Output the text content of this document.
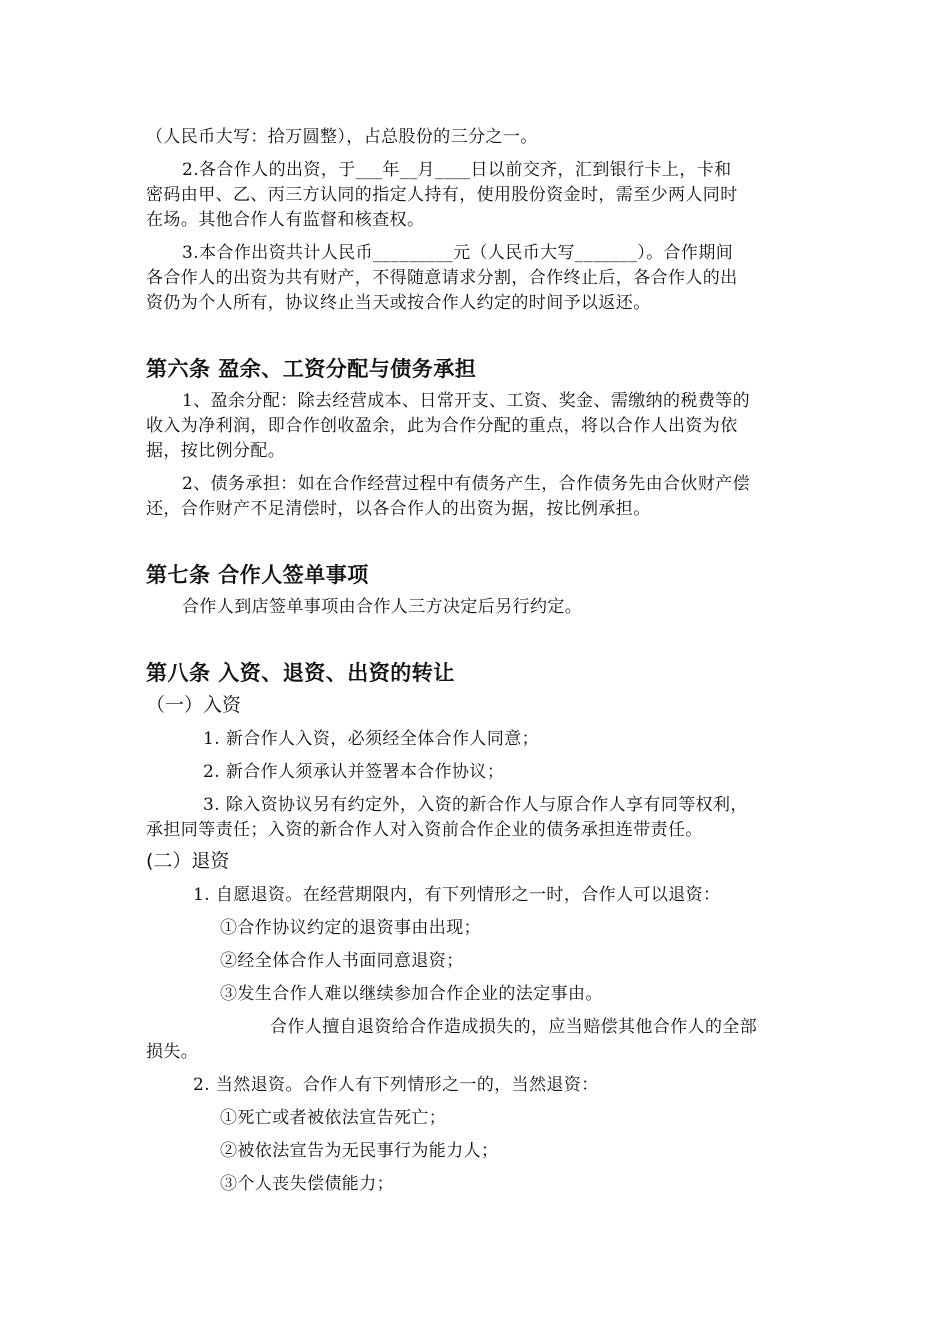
（人民币大写：拾万圆整），占总股份的三分之一。
2.各合作人的出资，于___年__月____日以前交齐，汇到银行卡上，卡和
密码由甲、乙、丙三方认同的指定人持有，使用股份资金时，需至少两人同时
在场。其他合作人有监督和核查权。
3.本合作出资共计人民币_________元（人民币大写_______）。合作期间
各合作人的出资为共有财产，不得随意请求分割，合作终止后，各合作人的出
资仍为个人所有，协议终止当天或按合作人约定的时间予以返还。
第六条 盈余、工资分配与债务承担
1、盈余分配：除去经营成本、日常开支、工资、奖金、需缴纳的税费等的
收入为净利润，即合作创收盈余，此为合作分配的重点，将以合作人出资为依
据，按比例分配。
2、债务承担：如在合作经营过程中有债务产生，合作债务先由合伙财产偿
还，合作财产不足清偿时，以各合作人的出资为据，按比例承担。
第七条 合作人签单事项
合作人到店签单事项由合作人三方决定后另行约定。
第八条 入资、退资、出资的转让
（一）入资
1. 新合作人入资，必须经全体合作人同意；
2. 新合作人须承认并签署本合作协议；
3. 除入资协议另有约定外，入资的新合作人与原合作人享有同等权利，
承担同等责任；入资的新合作人对入资前合作企业的债务承担连带责任。
(二）退资
1. 自愿退资。在经营期限内，有下列情形之一时，合作人可以退资：
①合作协议约定的退资事由出现；
②经全体合作人书面同意退资；
③发生合作人难以继续参加合作企业的法定事由。
合作人擅自退资给合作造成损失的，应当赔偿其他合作人的全部
损失。
2. 当然退资。合作人有下列情形之一的，当然退资：
①死亡或者被依法宣告死亡；
②被依法宣告为无民事行为能力人；
③个人丧失偿债能力；
